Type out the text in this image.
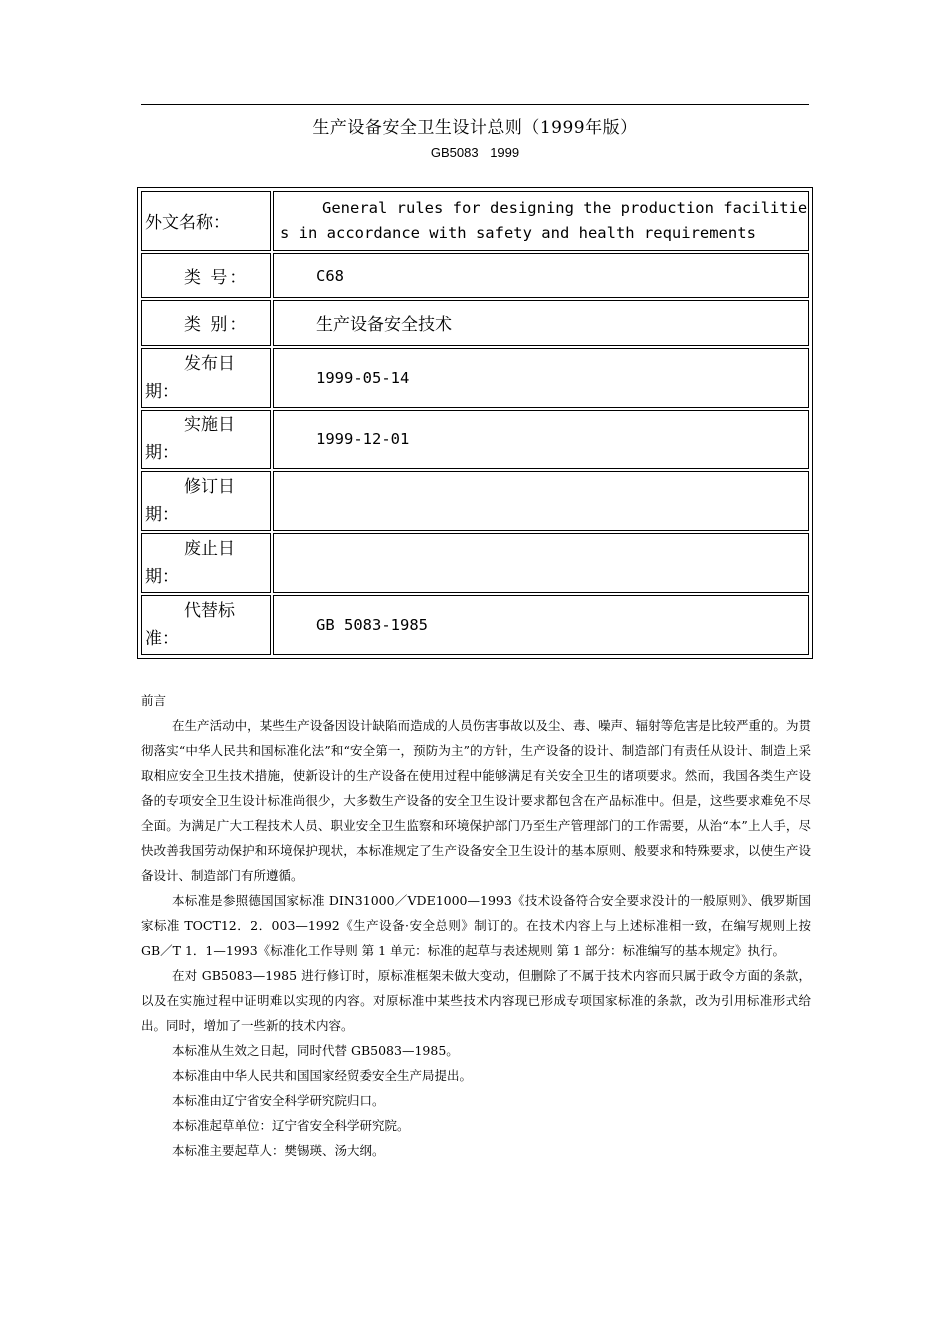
生产设备安全卫生设计总则（1999年版）
GB5083 1999
外文名称：	General rules for designing the production facilities in accordance with safety and health requirements

类 号：	C68

类 别：	生产设备安全技术

发布日
期：	1999-05-14

实施日
期：	1999-12-01

修订日
期：	

废止日
期：	

代替标
准：	GB 5083-1985

前言

在生产活动中，某些生产设备因设计缺陷而造成的人员伤害事故以及尘、毒、噪声、辐射等危害是比较严重的。为贯彻落实“中华人民共和国标准化法”和“安全第一，预防为主”的方针，生产设备的设计、制造部门有责任从设计、制造上采取相应安全卫生技术措施，使新设计的生产设备在使用过程中能够满足有关安全卫生的诸项要求。然而，我国各类生产设备的专项安全卫生设计标准尚很少，大多数生产设备的安全卫生设计要求都包含在产品标准中。但是，这些要求难免不尽全面。为满足广大工程技术人员、职业安全卫生监察和环境保护部门乃至生产管理部门的工作需要，从治“本”上人手，尽快改善我国劳动保护和环境保护现状，本标准规定了生产设备安全卫生设计的基本原则、般要求和特殊要求，以使生产设备设计、制造部门有所遵循。

本标准是参照德国国家标准 DIN31000／VDE1000—1993《技术设备符合安全要求没计的一般原则》、俄罗斯国家标准 TOCT12．2．003—1992《生产设备·安全总则》制订的。在技术内容上与上述标准相一致，在编写规则上按 GB／T 1．1—1993《标准化工作导则 第 1 单元：标准的起草与表述规则 第 1 部分：标准编写的基本规定》执行。

在对 GB5083—1985 进行修订时，原标准框架未做大变动，但删除了不属于技术内容而只属于政令方面的条款，以及在实施过程中证明难以实现的内容。对原标准中某些技术内容现已形成专项国家标准的条款，改为引用标准形式给出。同时，增加了一些新的技术内容。

本标准从生效之日起，同时代替 GB5083—1985。

本标准由中华人民共和国国家经贸委安全生产局提出。

本标准由辽宁省安全科学研究院归口。

本标准起草单位：辽宁省安全科学研究院。

本标准主要起草人：樊锡瑛、汤大纲。
